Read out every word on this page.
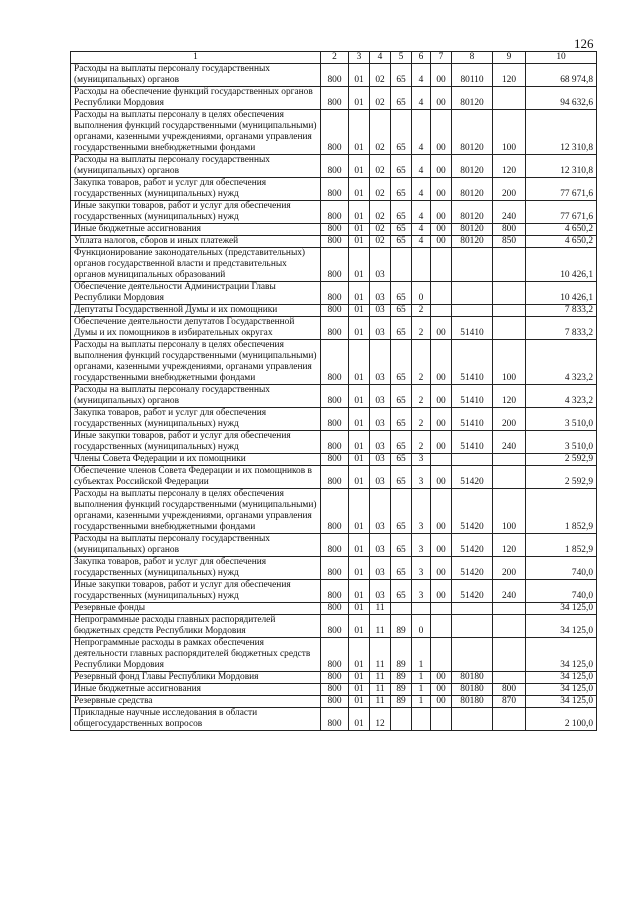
126
1	2	3	4	5	6	7	8	9	10
Расходы на выплаты персоналу государственных (муниципальных) органов	800	01	02	65	4	00	80110	120	68 974,8
Расходы на обеспечение функций государственных органов Республики Мордовия	800	01	02	65	4	00	80120		94 632,6
Расходы на выплаты персоналу в целях обеспечения выполнения функций государственными (муниципальными) органами, казенными учреждениями, органами управления государственными внебюджетными фондами	800	01	02	65	4	00	80120	100	12 310,8
Расходы на выплаты персоналу государственных (муниципальных) органов	800	01	02	65	4	00	80120	120	12 310,8
Закупка товаров, работ и услуг для обеспечения государственных (муниципальных) нужд	800	01	02	65	4	00	80120	200	77 671,6
Иные закупки товаров, работ и услуг для обеспечения государственных (муниципальных) нужд	800	01	02	65	4	00	80120	240	77 671,6
Иные бюджетные ассигнования	800	01	02	65	4	00	80120	800	4 650,2
Уплата налогов, сборов и иных платежей	800	01	02	65	4	00	80120	850	4 650,2
Функционирование законодательных (представительных) органов государственной власти и представительных органов муниципальных образований	800	01	03						10 426,1
Обеспечение деятельности Администрации Главы Республики Мордовия	800	01	03	65	0				10 426,1
Депутаты Государственной Думы и их помощники	800	01	03	65	2				7 833,2
Обеспечение деятельности депутатов Государственной Думы и их помощников в избирательных округах	800	01	03	65	2	00	51410		7 833,2
Расходы на выплаты персоналу в целях обеспечения выполнения функций государственными (муниципальными) органами, казенными учреждениями, органами управления государственными внебюджетными фондами	800	01	03	65	2	00	51410	100	4 323,2
Расходы на выплаты персоналу государственных (муниципальных) органов	800	01	03	65	2	00	51410	120	4 323,2
Закупка товаров, работ и услуг для обеспечения государственных (муниципальных) нужд	800	01	03	65	2	00	51410	200	3 510,0
Иные закупки товаров, работ и услуг для обеспечения государственных (муниципальных) нужд	800	01	03	65	2	00	51410	240	3 510,0
Члены Совета Федерации и их помощники	800	01	03	65	3				2 592,9
Обеспечение членов Совета Федерации и их помощников в субъектах Российской Федерации	800	01	03	65	3	00	51420		2 592,9
Расходы на выплаты персоналу в целях обеспечения выполнения функций государственными (муниципальными) органами, казенными учреждениями, органами управления государственными внебюджетными фондами	800	01	03	65	3	00	51420	100	1 852,9
Расходы на выплаты персоналу государственных (муниципальных) органов	800	01	03	65	3	00	51420	120	1 852,9
Закупка товаров, работ и услуг для обеспечения государственных (муниципальных) нужд	800	01	03	65	3	00	51420	200	740,0
Иные закупки товаров, работ и услуг для обеспечения государственных (муниципальных) нужд	800	01	03	65	3	00	51420	240	740,0
Резервные фонды	800	01	11						34 125,0
Непрограммные расходы главных распорядителей бюджетных средств Республики Мордовия	800	01	11	89	0				34 125,0
Непрограммные расходы в рамках обеспечения деятельности главных распорядителей бюджетных средств Республики Мордовия	800	01	11	89	1				34 125,0
Резервный фонд Главы Республики Мордовия	800	01	11	89	1	00	80180		34 125,0
Иные бюджетные ассигнования	800	01	11	89	1	00	80180	800	34 125,0
Резервные средства	800	01	11	89	1	00	80180	870	34 125,0
Прикладные научные исследования в области общегосударственных вопросов	800	01	12						2 100,0
